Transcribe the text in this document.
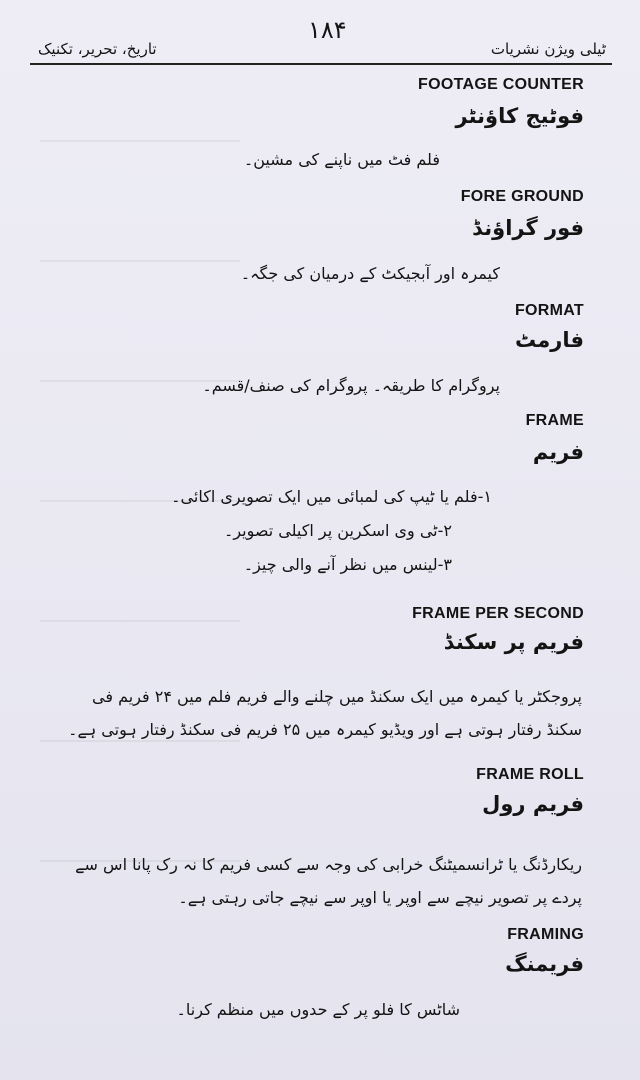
تاریخ، تحریر، تکنیک
۱۸۴
ٹیلی ویژن نشریات
FOOTAGE COUNTER
فوٹیج کاؤنٹر
فلم فٹ میں ناپنے کی مشین۔
FORE GROUND
فور گراؤنڈ
کیمرہ اور آبجیکٹ کے درمیان کی جگہ۔
FORMAT
فارمٹ
پروگرام کا طریقہ۔ پروگرام کی صنف/قسم۔
FRAME
فریم
۱-فلم یا ٹیپ کی لمبائی میں ایک تصویری اکائی۔
۲-ٹی وی اسکرین پر اکیلی تصویر۔
۳-لینس میں نظر آنے والی چیز۔
FRAME PER SECOND
فریم پر سکنڈ
پروجکٹر یا کیمرہ میں ایک سکنڈ میں چلنے والے فریم فلم میں ۲۴ فریم فی سکنڈ رفتار ہوتی ہے اور ویڈیو کیمرہ میں ۲۵ فریم فی سکنڈ رفتار ہوتی ہے۔
FRAME ROLL
فریم رول
ریکارڈنگ یا ٹرانسمیٹنگ خرابی کی وجہ سے کسی فریم کا نہ رک پانا اس سے پردے پر تصویر نیچے سے اوپر یا اوپر سے نیچے جاتی رہتی ہے۔
FRAMING
فریمنگ
شاٹس کا فلو پر کے حدوں میں منظم کرنا۔
